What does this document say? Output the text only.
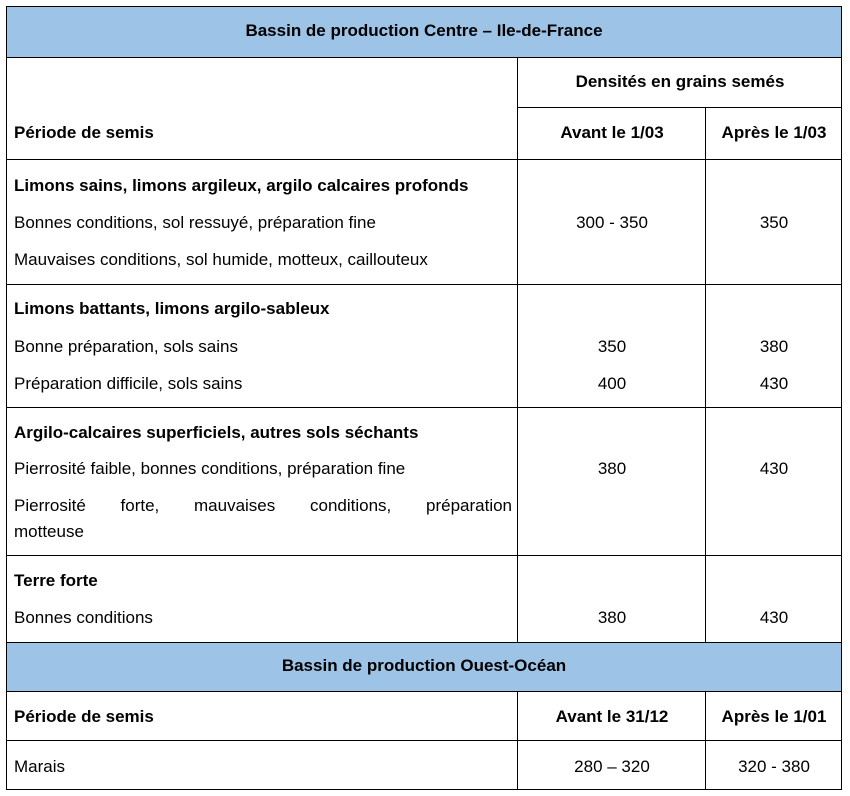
Bassin de production Centre – Ile-de-France
Densités en grains semés
Période de semis	Avant le 1/03	Après le 1/03
Limons sains, limons argileux, argilo calcaires profonds
Bonnes conditions, sol ressuyé, préparation fine	300 - 350	350
Mauvaises conditions, sol humide, motteux, caillouteux
Limons battants, limons argilo-sableux
Bonne préparation, sols sains	350	380
Préparation difficile, sols sains	400	430
Argilo-calcaires superficiels, autres sols séchants
Pierrosité faible, bonnes conditions, préparation fine	380	430
Pierrosité forte, mauvaises conditions, préparation
motteuse
Terre forte
Bonnes conditions	380	430
Bassin de production Ouest-Océan
Période de semis	Avant le 31/12	Après le 1/01
Marais	280 – 320	320 - 380
